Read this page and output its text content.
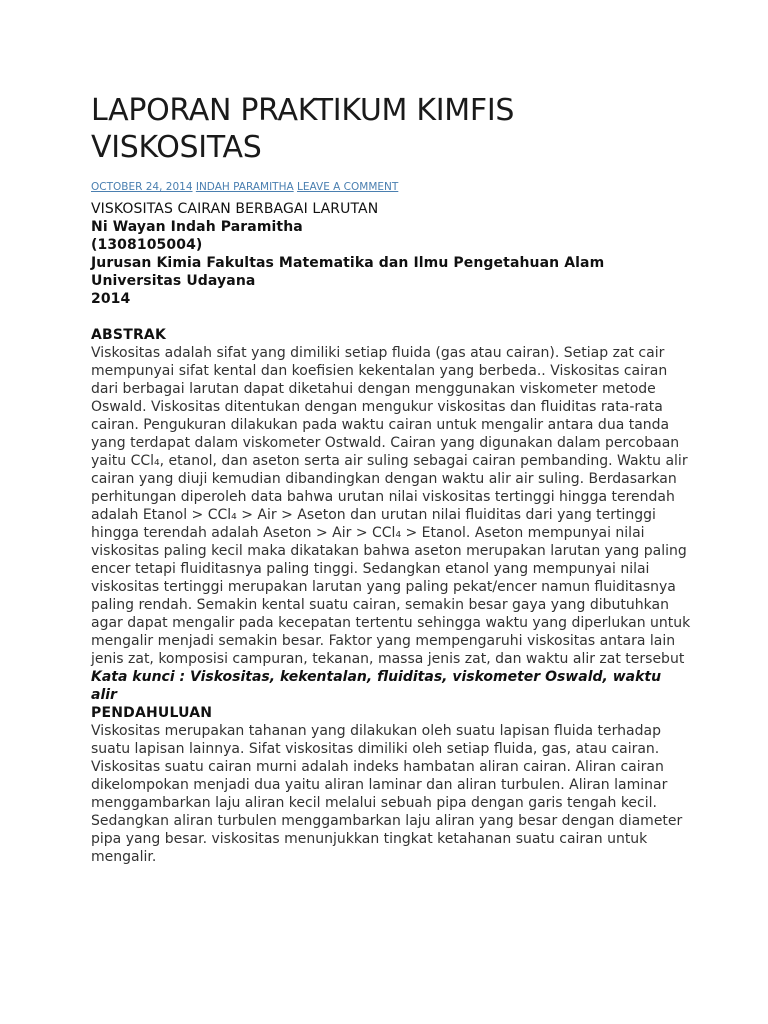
LAPORAN PRAKTIKUM KIMFIS
VISKOSITAS
OCTOBER 24, 2014 INDAH PARAMITHA LEAVE A COMMENT
VISKOSITAS CAIRAN BERBAGAI LARUTAN
Ni Wayan Indah Paramitha
(1308105004)
Jurusan Kimia Fakultas Matematika dan Ilmu Pengetahuan Alam
Universitas Udayana
2014
ABSTRAK

Viskositas adalah sifat yang dimiliki setiap fluida (gas atau cairan). Setiap zat cair mempunyai sifat kental dan koefisien kekentalan yang berbeda.. Viskositas cairan dari berbagai larutan dapat diketahui dengan menggunakan viskometer metode Oswald. Viskositas ditentukan dengan mengukur viskositas dan fluiditas rata-rata cairan. Pengukuran dilakukan pada waktu cairan untuk mengalir antara dua tanda yang terdapat dalam viskometer Ostwald. Cairan yang digunakan dalam percobaan yaitu CCl₄, etanol, dan aseton serta air suling sebagai cairan pembanding. Waktu alir cairan yang diuji kemudian dibandingkan dengan waktu alir air suling. Berdasarkan perhitungan diperoleh data bahwa urutan nilai viskositas tertinggi hingga terendah adalah Etanol > CCl₄ > Air > Aseton dan urutan nilai fluiditas dari yang tertinggi hingga terendah adalah Aseton > Air > CCl₄ > Etanol. Aseton mempunyai nilai viskositas paling kecil maka dikatakan bahwa aseton merupakan larutan yang paling encer tetapi fluiditasnya paling tinggi. Sedangkan etanol yang mempunyai nilai viskositas tertinggi merupakan larutan yang paling pekat/encer namun fluiditasnya paling rendah. Semakin kental suatu cairan, semakin besar gaya yang dibutuhkan agar dapat mengalir pada kecepatan tertentu sehingga waktu yang diperlukan untuk mengalir menjadi semakin besar. Faktor yang mempengaruhi viskositas antara lain jenis zat, komposisi campuran, tekanan, massa jenis zat, dan waktu alir zat tersebut

Kata kunci : Viskositas, kekentalan, fluiditas, viskometer Oswald, waktu alir
PENDAHULUAN

Viskositas merupakan tahanan yang dilakukan oleh suatu lapisan fluida terhadap suatu lapisan lainnya. Sifat viskositas dimiliki oleh setiap fluida, gas, atau cairan. Viskositas suatu cairan murni adalah indeks hambatan aliran cairan. Aliran cairan dikelompokan menjadi dua yaitu aliran laminar dan aliran turbulen. Aliran laminar menggambarkan laju aliran kecil melalui sebuah pipa dengan garis tengah kecil. Sedangkan aliran turbulen menggambarkan laju aliran yang besar dengan diameter pipa yang besar. viskositas menunjukkan tingkat ketahanan suatu cairan untuk mengalir.
